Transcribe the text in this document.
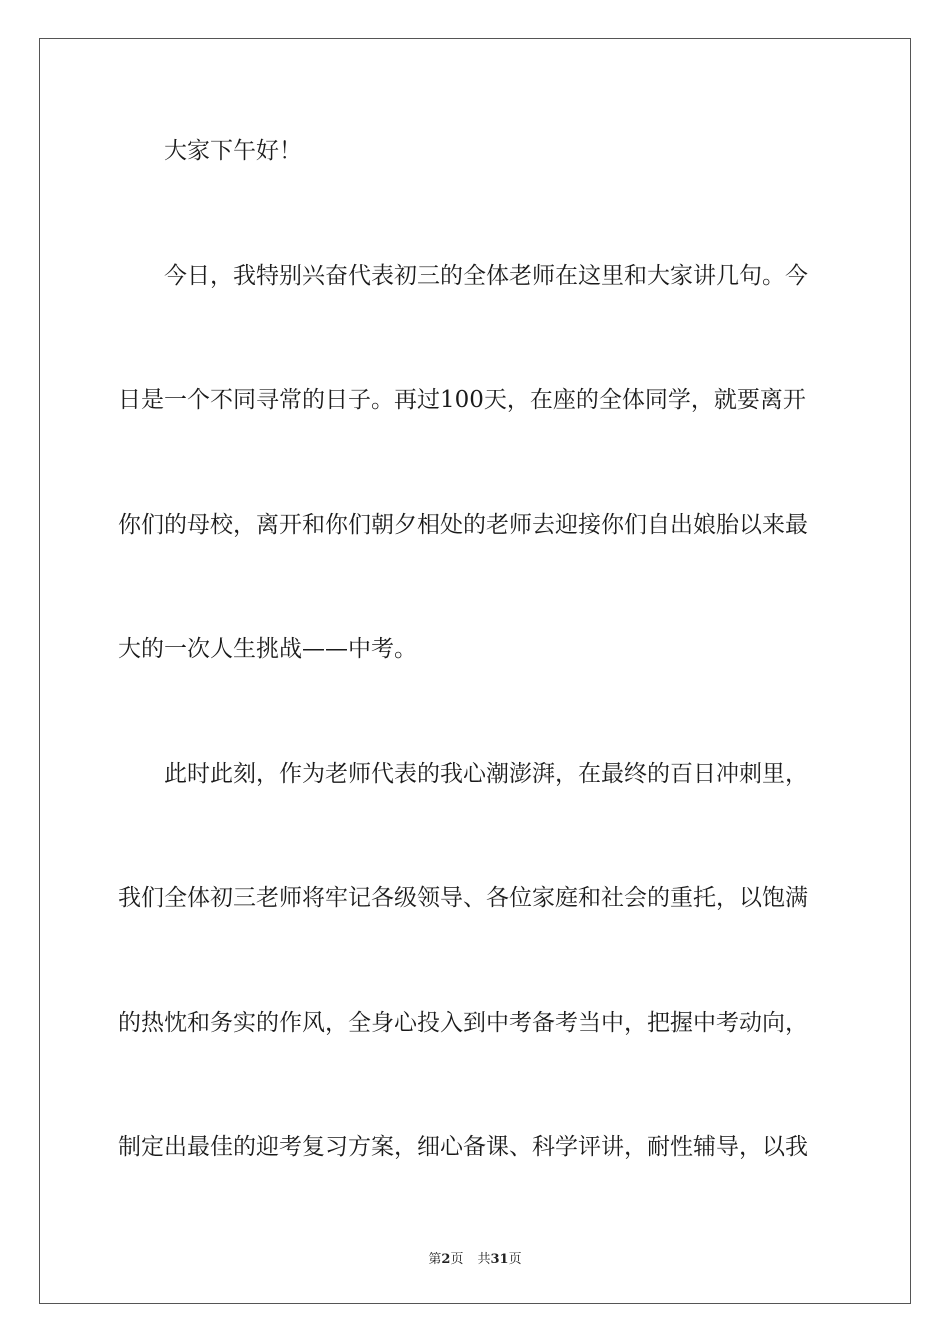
大家下午好！
今日，我特别兴奋代表初三的全体老师在这里和大家讲几句。今
日是一个不同寻常的日子。再过100天，在座的全体同学，就要离开
你们的母校，离开和你们朝夕相处的老师去迎接你们自出娘胎以来最
大的一次人生挑战——中考。
此时此刻，作为老师代表的我心潮澎湃，在最终的百日冲刺里，
我们全体初三老师将牢记各级领导、各位家庭和社会的重托，以饱满
的热忱和务实的作风，全身心投入到中考备考当中，把握中考动向，
制定出最佳的迎考复习方案，细心备课、科学评讲，耐性辅导，以我
第2页 共31页
